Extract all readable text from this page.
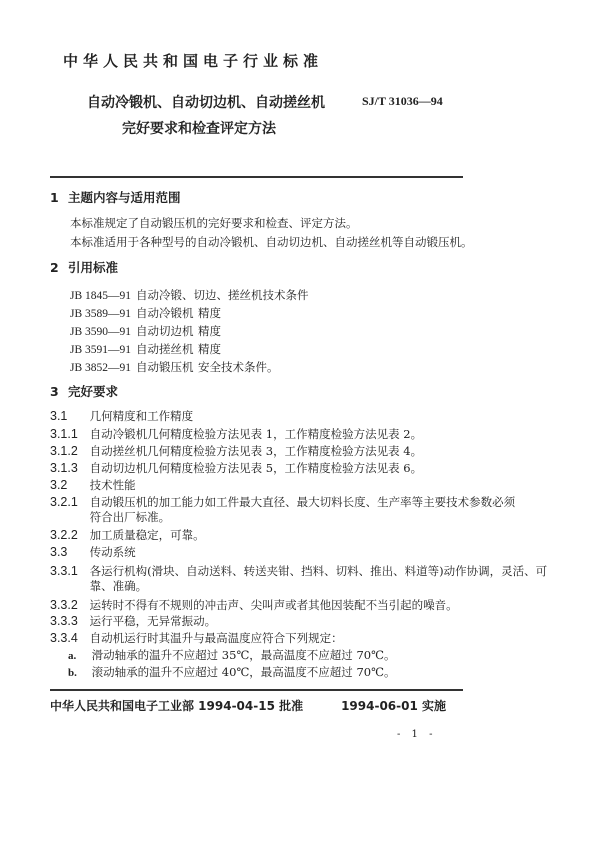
中华人民共和国电子行业标准
自动冷锻机、自动切边机、自动搓丝机
完好要求和检查评定方法
SJ/T 31036—94
1 主题内容与适用范围
本标准规定了自动锻压机的完好要求和检查、评定方法。
本标准适用于各种型号的自动冷锻机、自动切边机、自动搓丝机等自动锻压机。
2 引用标准
JB 1845—91 自动冷锻、切边、搓丝机技术条件
JB 3589—91 自动冷锻机 精度
JB 3590—91 自动切边机 精度
JB 3591—91 自动搓丝机 精度
JB 3852—91 自动锻压机 安全技术条件。
3 完好要求
3.1 几何精度和工作精度
3.1.1 自动冷锻机几何精度检验方法见表 1，工作精度检验方法见表 2。
3.1.2 自动搓丝机几何精度检验方法见表 3，工作精度检验方法见表 4。
3.1.3 自动切边机几何精度检验方法见表 5，工作精度检验方法见表 6。
3.2 技术性能
3.2.1 自动锻压机的加工能力如工件最大直径、最大切料长度、生产率等主要技术参数必须
符合出厂标准。
3.2.2 加工质量稳定，可靠。
3.3 传动系统
3.3.1 各运行机构(滑块、自动送料、转送夹钳、挡料、切料、推出、料道等)动作协调，灵活、可
靠、准确。
3.3.2 运转时不得有不规则的冲击声、尖叫声或者其他因装配不当引起的噪音。
3.3.3 运行平稳，无异常振动。
3.3.4 自动机运行时其温升与最高温度应符合下列规定：
a. 滑动轴承的温升不应超过 35℃，最高温度不应超过 70℃。
b. 滚动轴承的温升不应超过 40℃，最高温度不应超过 70℃。
中华人民共和国电子工业部 1994-04-15 批准	1994-06-01 实施
- 1 -
